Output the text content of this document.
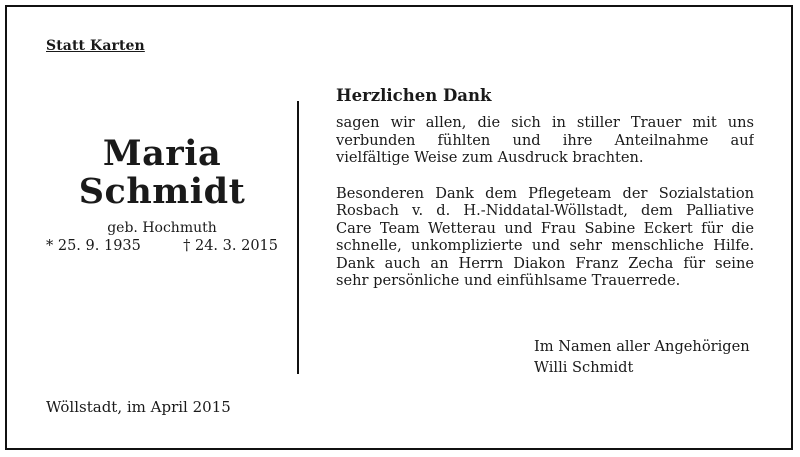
Statt Karten
Maria
Schmidt
geb. Hochmuth
* 25. 9. 1935	† 24. 3. 2015
Wöllstadt, im April 2015
Herzlichen Dank

sagen wir allen, die sich in stiller Trauer mit uns
verbunden fühlten und ihre Anteilnahme auf
vielfältige Weise zum Ausdruck brachten.

Besonderen Dank dem Pflegeteam der Sozialstation
Rosbach v. d. H.-Niddatal-Wöllstadt, dem Palliative
Care Team Wetterau und Frau Sabine Eckert für die
schnelle, unkomplizierte und sehr menschliche Hilfe.
Dank auch an Herrn Diakon Franz Zecha für seine
sehr persönliche und einfühlsame Trauerrede.

Im Namen aller Angehörigen
Willi Schmidt
